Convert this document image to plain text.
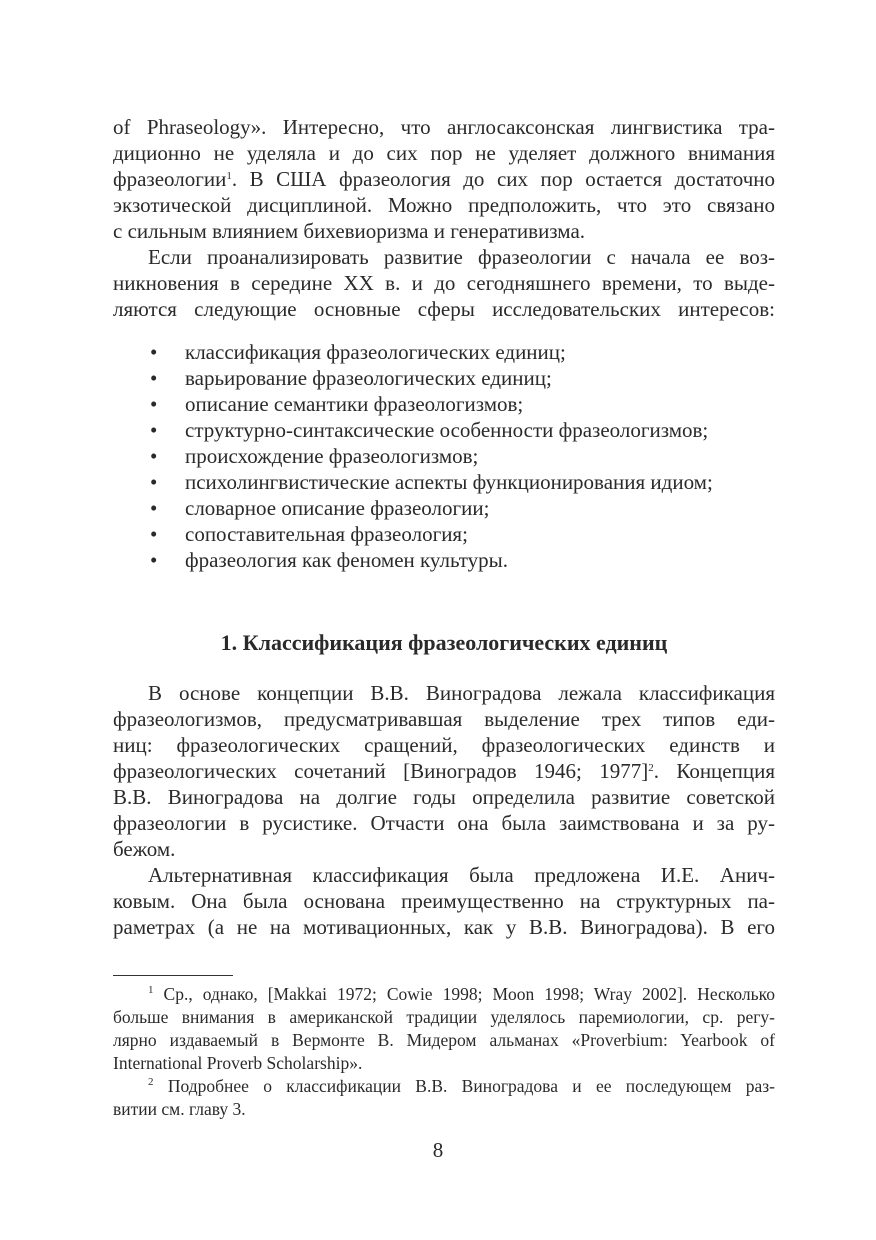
of Phraseology». Интересно, что англосаксонская лингвистика тра-
диционно не уделяла и до сих пор не уделяет должного внимания
фразеологии$^1$. В США фразеология до сих пор остается достаточно
экзотической дисциплиной. Можно предположить, что это связано
с сильным влиянием бихевиоризма и генеративизма.
Если проанализировать развитие фразеологии с начала ее воз-
никновения в середине XX в. и до сегодняшнего времени, то выде-
ляются следующие основные сферы исследовательских интересов:
• классификация фразеологических единиц;
• варьирование фразеологических единиц;
• описание семантики фразеологизмов;
• структурно-синтаксические особенности фразеологизмов;
• происхождение фразеологизмов;
• психолингвистические аспекты функционирования идиом;
• словарное описание фразеологии;
• сопоставительная фразеология;
• фразеология как феномен культуры.
1. Классификация фразеологических единиц
В основе концепции В.В. Виноградова лежала классификация
фразеологизмов, предусматривавшая выделение трех типов еди-
ниц: фразеологических сращений, фразеологических единств и
фразеологических сочетаний [Виноградов 1946; 1977]$^2$. Концепция
В.В. Виноградова на долгие годы определила развитие советской
фразеологии в русистике. Отчасти она была заимствована и за ру-
бежом.
Альтернативная классификация была предложена И.Е. Анич-
ковым. Она была основана преимущественно на структурных па-
раметрах (а не на мотивационных, как у В.В. Виноградова). В его
$^1$ Ср., однако, [Makkai 1972; Cowie 1998; Moon 1998; Wray 2002]. Несколько
больше внимания в американской традиции уделялось паремиологии, ср. регу-
лярно издаваемый в Вермонте В. Мидером альманах «Proverbium: Yearbook of
International Proverb Scholarship».
$^2$ Подробнее о классификации В.В. Виноградова и ее последующем раз-
витии см. главу 3.
8
